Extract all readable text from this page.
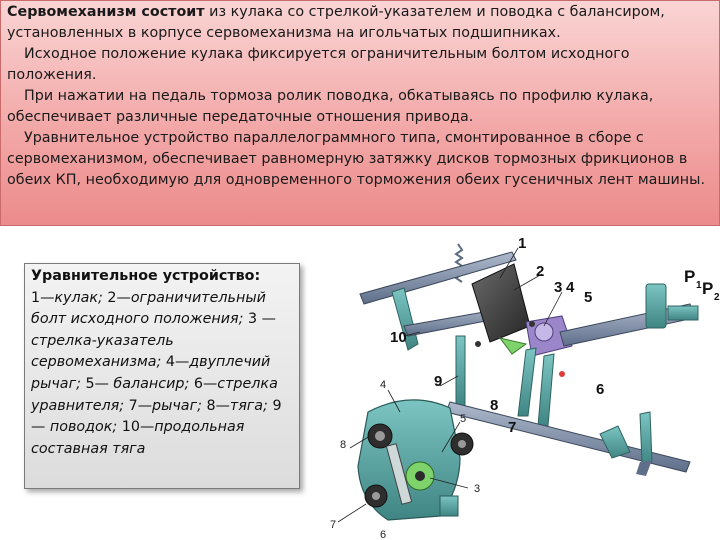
Сервомеханизм состоит из кулака со стрелкой-указателем и поводка с балансиром, установленных в корпусе сервомеханизма на игольчатых подшипниках.

Исходное положение кулака фиксируется ограничительным болтом исходного положения.

При нажатии на педаль тормоза ролик поводка, обкатываясь по профилю кулака, обеспечивает различные передаточные отношения привода.

Уравнительное устройство параллелограммного типа, смонтированное в сборе с сервомеханизмом, обеспечивает равномерную затяжку дисков тормозных фрикционов в обеих КП, необходимую для одновременного торможения обеих гусеничных лент машины.

Уравнительное устройство:
1—кулак; 2—ограничительный болт исходного положения; 3 — стрелка-указатель сервомеханизма; 4—двуплечий рычаг; 5— балансир; 6—стрелка уравнителя; 7—рычаг; 8—тяга; 9 — поводок; 10—продольная составная тяга
1
2
3 4
5
6
7
8
9
10
P 1 P 2
4
5
3
8
7
6
